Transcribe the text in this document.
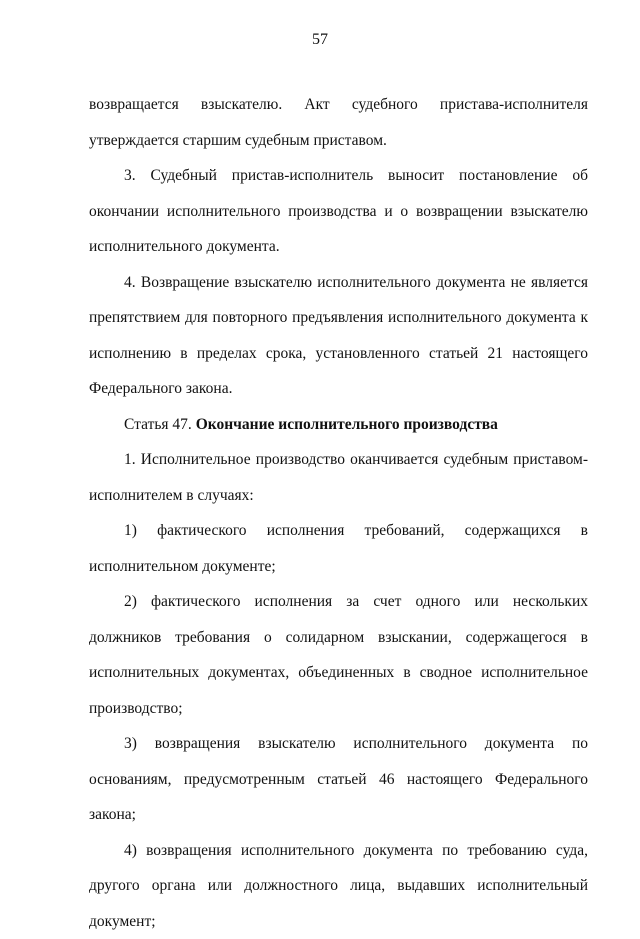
57

возвращается взыскателю. Акт судебного пристава-исполнителя утверждается старшим судебным приставом.

3. Судебный пристав-исполнитель выносит постановление об окончании исполнительного производства и о возвращении взыскателю исполнительного документа.

4. Возвращение взыскателю исполнительного документа не является препятствием для повторного предъявления исполнительного документа к исполнению в пределах срока, установленного статьей 21 настоящего Федерального закона.

Статья 47. Окончание исполнительного производства

1. Исполнительное производство оканчивается судебным приставом-исполнителем в случаях:

1) фактического исполнения требований, содержащихся в исполнительном документе;

2) фактического исполнения за счет одного или нескольких должников требования о солидарном взыскании, содержащегося в исполнительных документах, объединенных в сводное исполнительное производство;

3) возвращения взыскателю исполнительного документа по основаниям, предусмотренным статьей 46 настоящего Федерального закона;

4) возвращения исполнительного документа по требованию суда, другого органа или должностного лица, выдавших исполнительный документ;
